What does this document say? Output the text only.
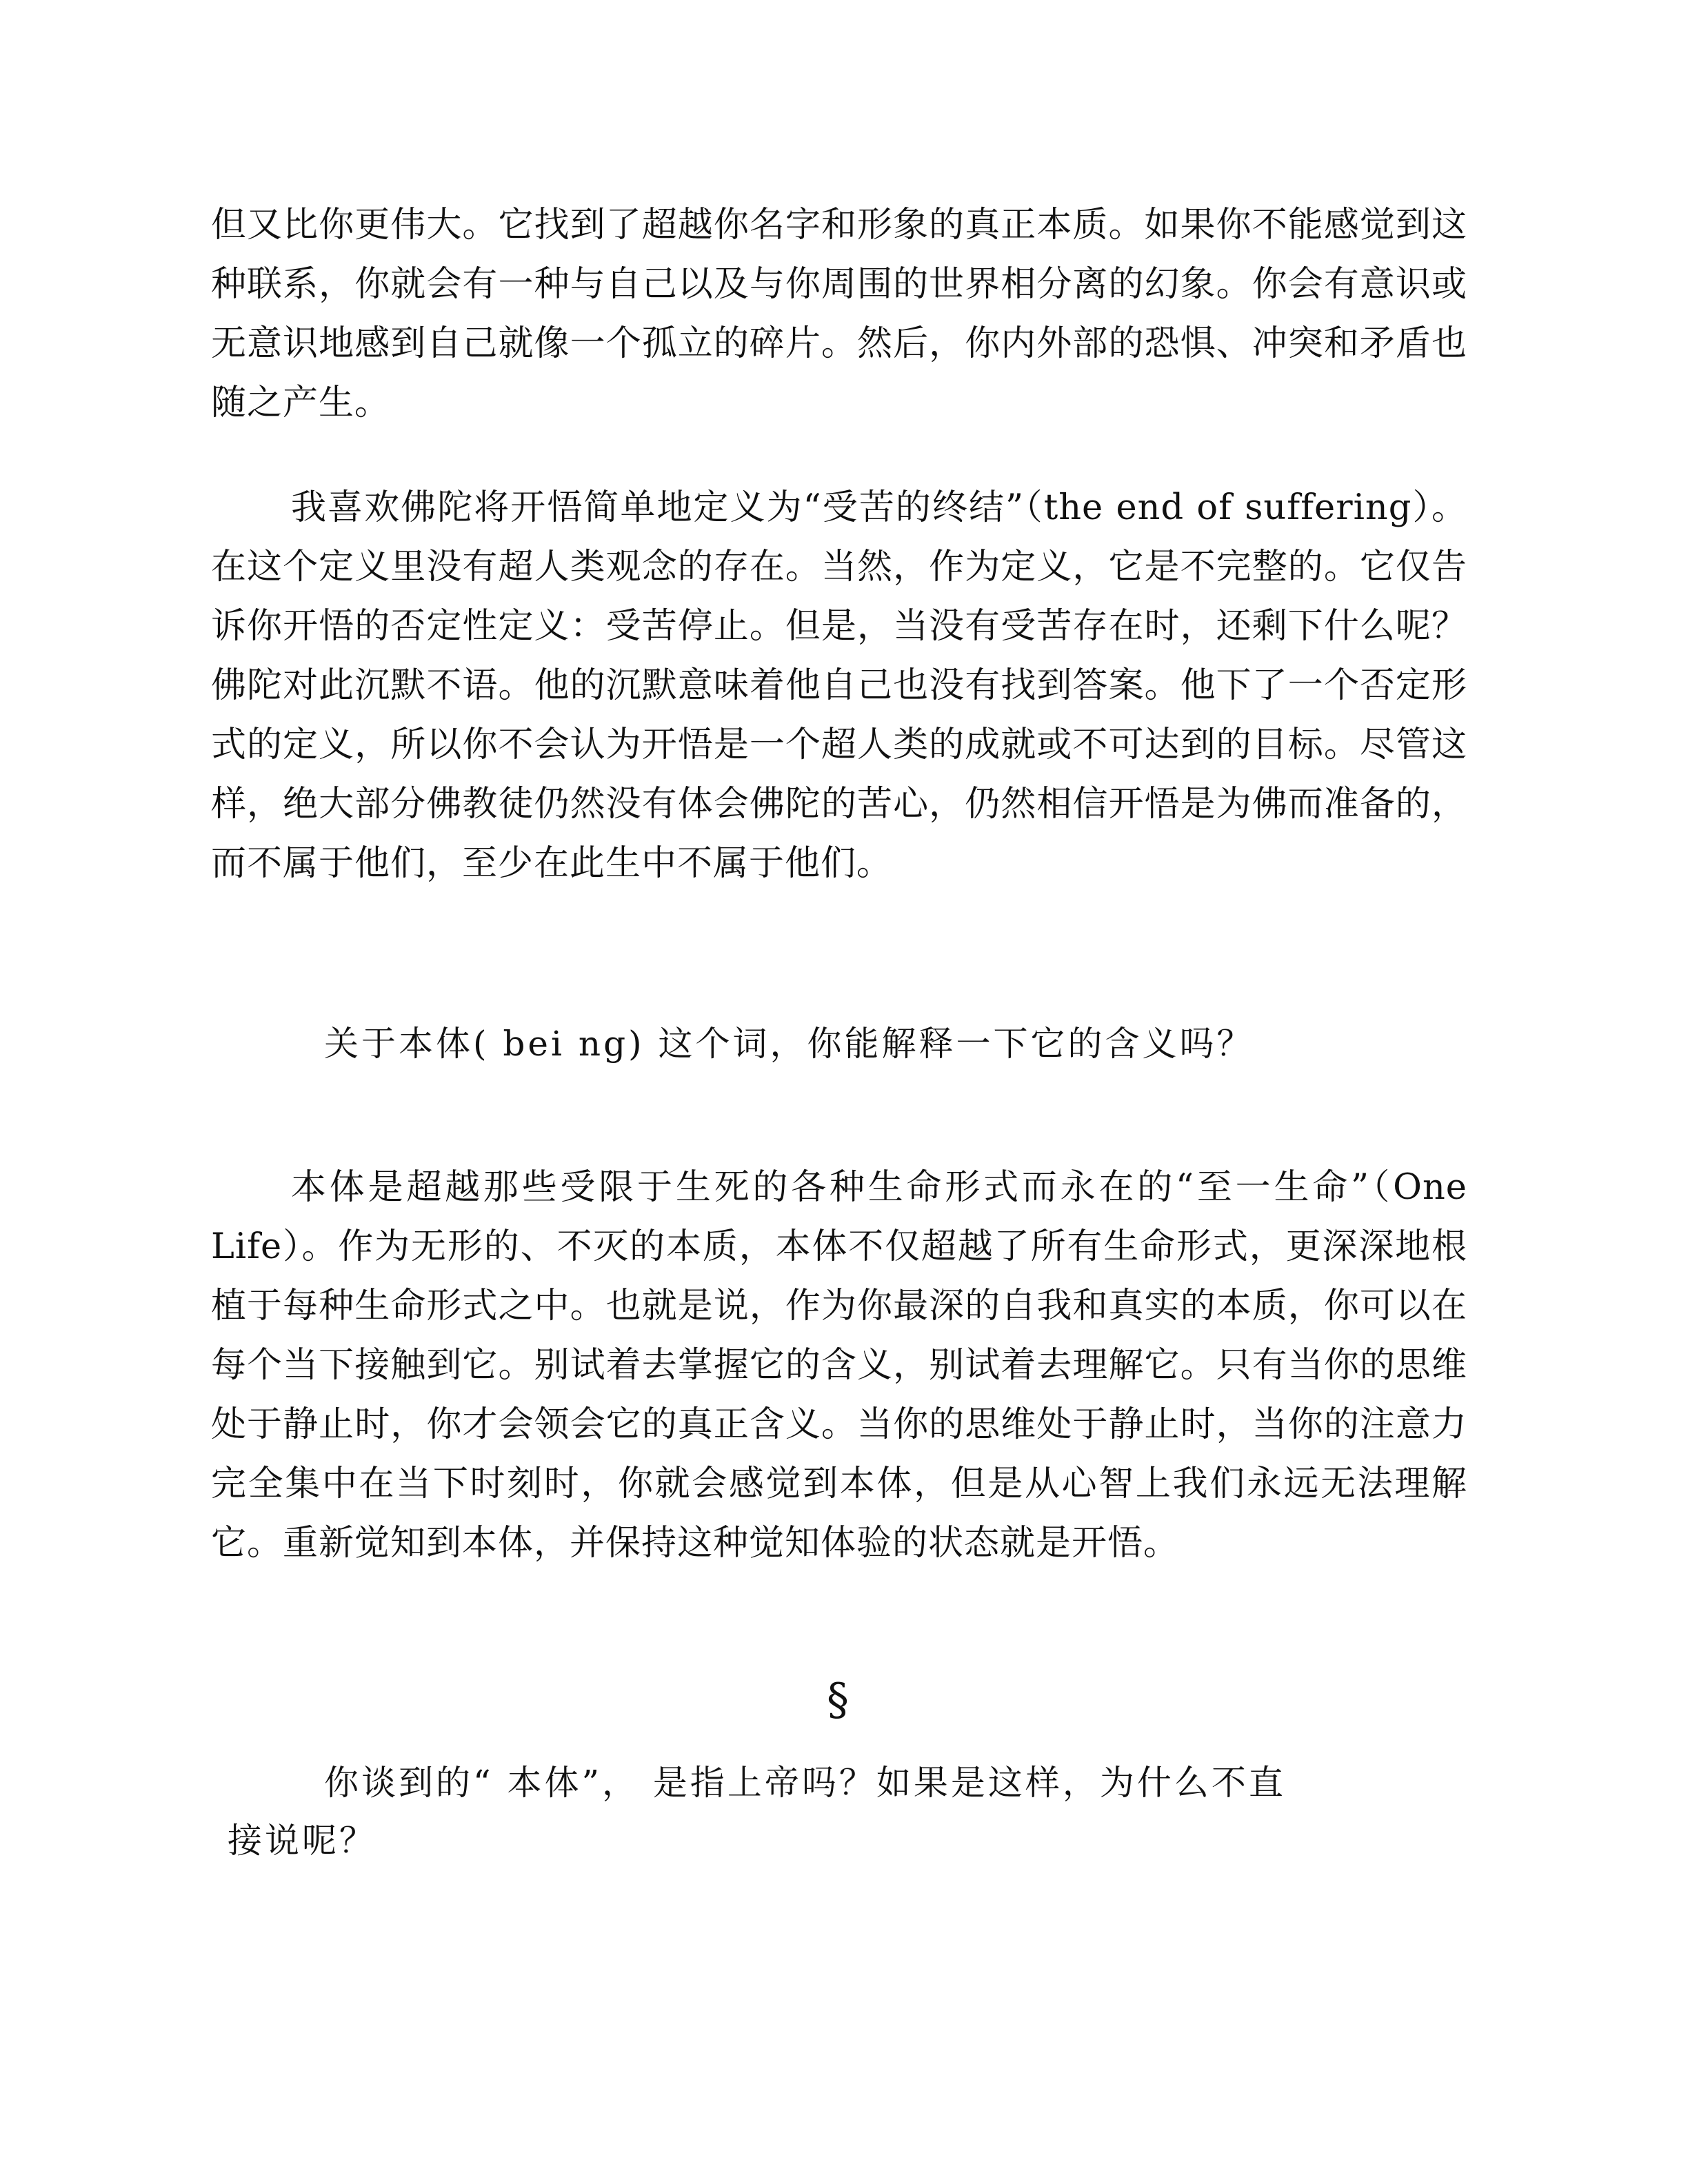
但又比你更伟大。它找到了超越你名字和形象的真正本质。如果你不能感觉到这种联系，你就会有一种与自己以及与你周围的世界相分离的幻象。你会有意识或无意识地感到自己就像一个孤立的碎片。然后，你内外部的恐惧、冲突和矛盾也随之产生。

我喜欢佛陀将开悟简单地定义为“受苦的终结”（the end of suffering）。在这个定义里没有超人类观念的存在。当然，作为定义，它是不完整的。它仅告诉你开悟的否定性定义：受苦停止。但是，当没有受苦存在时，还剩下什么呢？佛陀对此沉默不语。他的沉默意味着他自己也没有找到答案。他下了一个否定形式的定义，所以你不会认为开悟是一个超人类的成就或不可达到的目标。尽管这样，绝大部分佛教徒仍然没有体会佛陀的苦心，仍然相信开悟是为佛而准备的，而不属于他们，至少在此生中不属于他们。

关于本体( bei ng) 这个词，你能解释一下它的含义吗？

本体是超越那些受限于生死的各种生命形式而永在的“至一生命”（One Life）。作为无形的、不灭的本质，本体不仅超越了所有生命形式，更深深地根植于每种生命形式之中。也就是说，作为你最深的自我和真实的本质，你可以在每个当下接触到它。别试着去掌握它的含义，别试着去理解它。只有当你的思维处于静止时，你才会领会它的真正含义。当你的思维处于静止时，当你的注意力完全集中在当下时刻时，你就会感觉到本体，但是从心智上我们永远无法理解它。重新觉知到本体，并保持这种觉知体验的状态就是开悟。

§

你谈到的“ 本体”， 是指上帝吗？如果是这样，为什么不直

接说呢？
